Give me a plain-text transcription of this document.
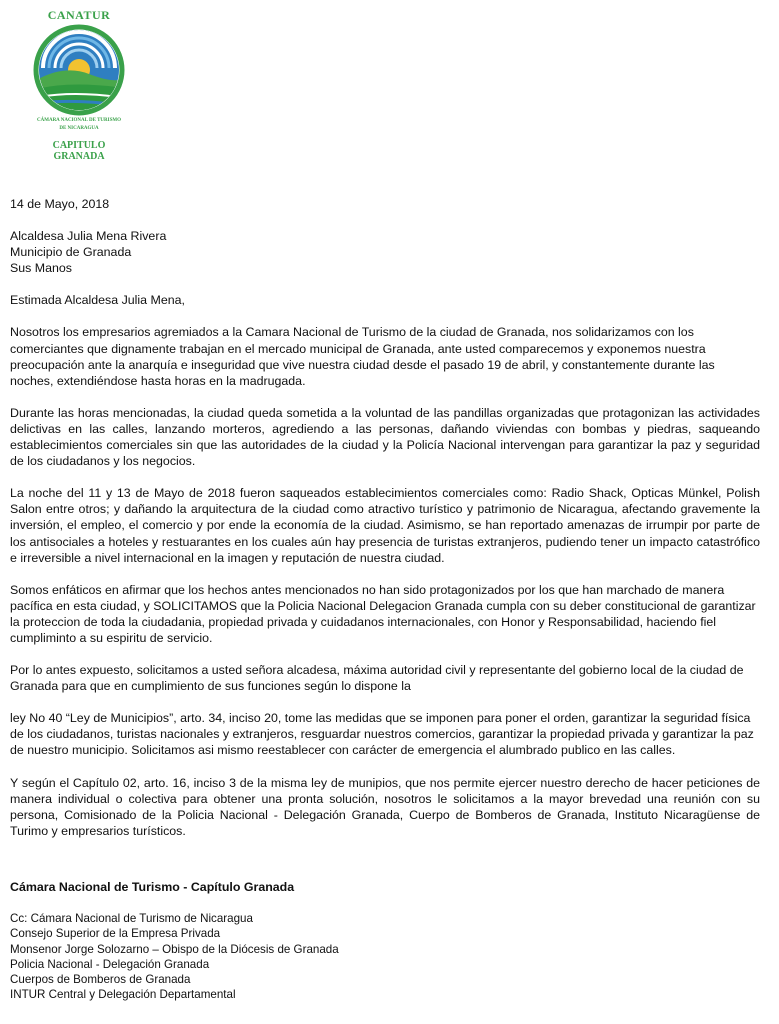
CANATUR
CÁMARA NACIONAL DE TURISMO
DE NICARAGUA
CAPITULO
GRANADA

14 de Mayo, 2018

Alcaldesa Julia Mena Rivera

Municipio de Granada

Sus Manos

Estimada Alcaldesa Julia Mena,

Nosotros los empresarios agremiados a la Camara Nacional de Turismo de la ciudad de Granada, nos solidarizamos con los comerciantes que dignamente trabajan en el mercado municipal de Granada, ante usted comparecemos y exponemos nuestra preocupación ante la anarquía e inseguridad que vive nuestra ciudad desde el pasado 19 de abril, y constantemente durante las noches, extendiéndose hasta horas en la madrugada.

Durante las horas mencionadas, la ciudad queda sometida a la voluntad de las pandillas organizadas que protagonizan las actividades delictivas en las calles, lanzando morteros, agrediendo a las personas, dañando viviendas con bombas y piedras, saqueando establecimientos comerciales sin que las autoridades de la ciudad y la Policía Nacional intervengan para garantizar la paz y seguridad de los ciudadanos y los negocios.

La noche del 11 y 13 de Mayo de 2018 fueron saqueados establecimientos comerciales como: Radio Shack, Opticas Münkel, Polish Salon entre otros; y dañando la arquitectura de la ciudad como atractivo turístico y patrimonio de Nicaragua, afectando gravemente la inversión, el empleo, el comercio y por ende la economía de la ciudad. Asimismo, se han reportado amenazas de irrumpir por parte de los antisociales a hoteles y restuarantes en los cuales aún hay presencia de turistas extranjeros, pudiendo tener un impacto catastrófico e irreversible a nivel internacional en la imagen y reputación de nuestra ciudad.

Somos enfáticos en afirmar que los hechos antes mencionados no han sido protagonizados por los que han marchado de manera pacífica en esta ciudad, y SOLICITAMOS que la Policia Nacional Delegacion Granada cumpla con su deber constitucional de garantizar la proteccion de toda la ciudadania, propiedad privada y cuidadanos internacionales, con Honor y Responsabilidad, haciendo fiel cumpliminto a su espiritu de servicio.

Por lo antes expuesto, solicitamos a usted señora alcadesa, máxima autoridad civil y representante del gobierno local de la ciudad de Granada para que en cumplimiento de sus funciones según lo dispone la

ley No 40 “Ley de Municipios”, arto. 34, inciso 20, tome las medidas que se imponen para poner el orden, garantizar la seguridad física de los ciudadanos, turistas nacionales y extranjeros, resguardar nuestros comercios, garantizar la propiedad privada y garantizar la paz de nuestro municipio. Solicitamos asi mismo reestablecer con carácter de emergencia el alumbrado publico en las calles.

Y según el Capítulo 02, arto. 16, inciso 3 de la misma ley de munipios, que nos permite ejercer nuestro derecho de hacer peticiones de manera individual o colectiva para obtener una pronta solución, nosotros le solicitamos a la mayor brevedad una reunión con su persona, Comisionado de la Policia Nacional - Delegación Granada, Cuerpo de Bomberos de Granada, Instituto Nicaragüense de Turimo y empresarios turísticos.

Cámara Nacional de Turismo - Capítulo Granada

Cc: Cámara Nacional de Turismo de Nicaragua

Consejo Superior de la Empresa Privada

Monsenor Jorge Solozarno – Obispo de la Diócesis de Granada

Policia Nacional - Delegación Granada

Cuerpos de Bomberos de Granada

INTUR Central y Delegación Departamental
